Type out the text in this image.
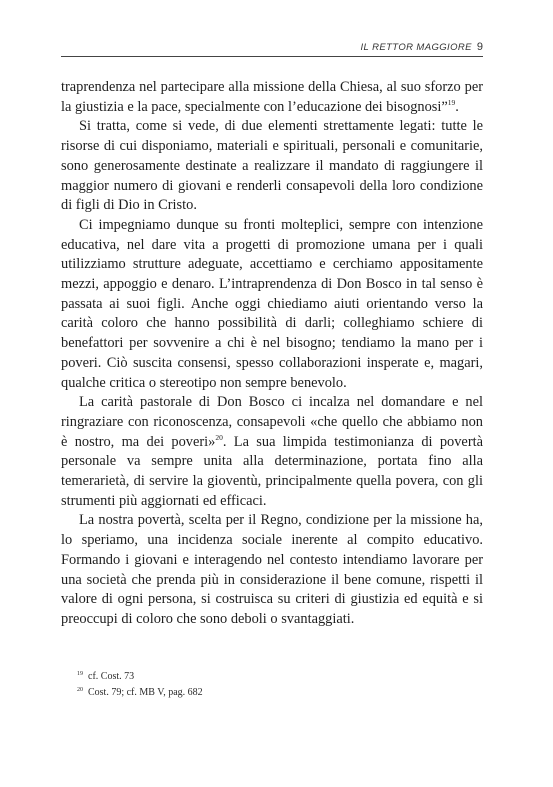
IL RETTOR MAGGIORE 9

traprendenza nel partecipare alla missione della Chiesa, al suo sforzo per la giustizia e la pace, specialmente con l’educazione dei bisognosi”$^{19}$.

Si tratta, come si vede, di due elementi strettamente legati: tutte le risorse di cui disponiamo, materiali e spirituali, personali e comunitarie, sono generosamente destinate a realizzare il mandato di raggiungere il maggior numero di giovani e renderli consapevoli della loro condizione di figli di Dio in Cristo.

Ci impegniamo dunque su fronti molteplici, sempre con intenzione educativa, nel dare vita a progetti di promozione umana per i quali utilizziamo strutture adeguate, accettiamo e cerchiamo appositamente mezzi, appoggio e denaro. L’intraprendenza di Don Bosco in tal senso è passata ai suoi figli. Anche oggi chiediamo aiuti orientando verso la carità coloro che hanno possibilità di darli; colleghiamo schiere di benefattori per sovvenire a chi è nel bisogno; tendiamo la mano per i poveri. Ciò suscita consensi, spesso collaborazioni insperate e, magari, qualche critica o stereotipo non sempre benevolo.

La carità pastorale di Don Bosco ci incalza nel domandare e nel ringraziare con riconoscenza, consapevoli «che quello che abbiamo non è nostro, ma dei poveri»$^{20}$. La sua limpida testimonianza di povertà personale va sempre unita alla determinazione, portata fino alla temerarietà, di servire la gioventù, principalmente quella povera, con gli strumenti più aggiornati ed efficaci.

La nostra povertà, scelta per il Regno, condizione per la missione ha, lo speriamo, una incidenza sociale inerente al compito educativo. Formando i giovani e interagendo nel contesto intendiamo lavorare per una società che prenda più in considerazione il bene comune, rispetti il valore di ogni persona, si costruisca su criteri di giustizia ed equità e si preoccupi di coloro che sono deboli o svantaggiati.

$^{19}$ cf. Cost. 73
$^{20}$ Cost. 79; cf. MB V, pag. 682
